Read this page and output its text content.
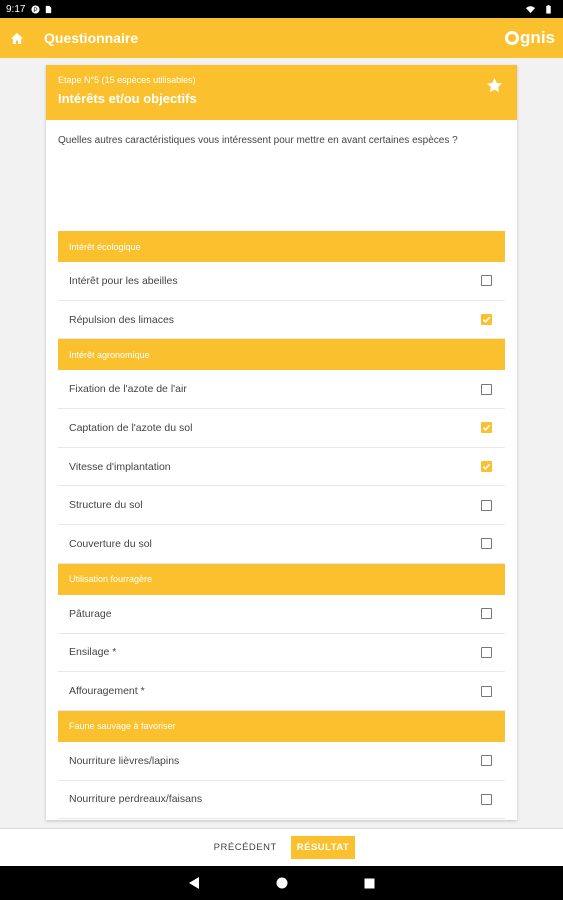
9:17 P
Questionnaire	gnis
Etape N°5 (15 espèces utilisables)
Intérêts et/ou objectifs
Quelles autres caractéristiques vous intéressent pour mettre en avant certaines espèces ?
Intérêt écologique
Intérêt pour les abeilles
Répulsion des limaces
Intérêt agronomique
Fixation de l'azote de l'air
Captation de l'azote du sol
Vitesse d'implantation
Structure du sol
Couverture du sol
Utilisation fourragère
Pâturage
Ensilage *
Affouragement *
Faune sauvage à favoriser
Nourriture lièvres/lapins
Nourriture perdreaux/faisans
PRÉCÉDENT	RÉSULTAT
